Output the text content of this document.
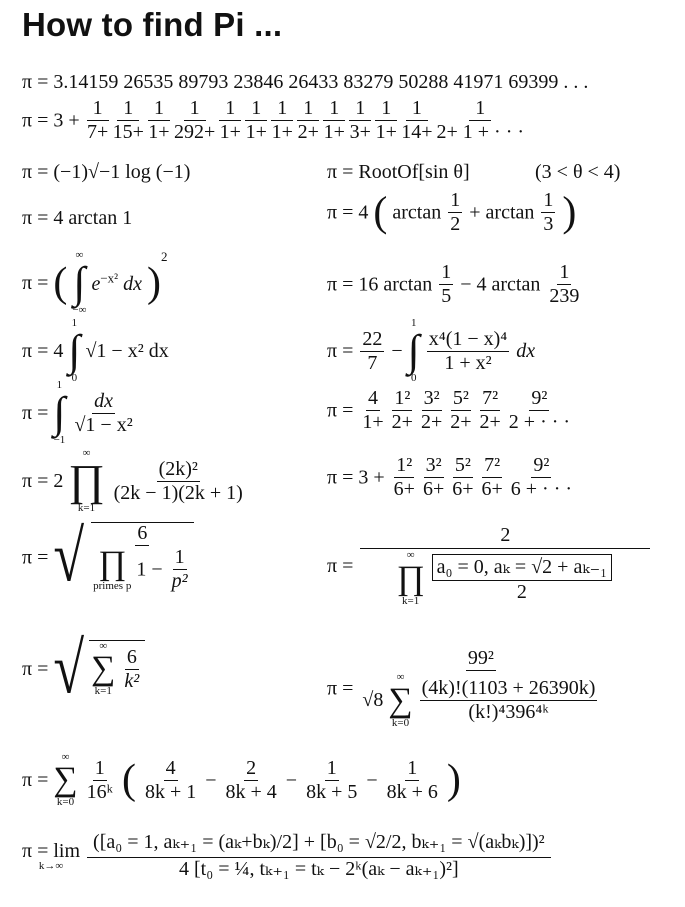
How to find Pi ...
π = 3.14159 26535 89793 23846 26433 83279 50288 41971 69399 . . .
$\pi = 3 + \frac{1}{7+} \frac{1}{15+} \frac{1}{1+} \frac{1}{292+} \frac{1}{1+} \frac{1}{1+} \frac{1}{1+} \frac{1}{2+} \frac{1}{1+} \frac{1}{3+} \frac{1}{1+} \frac{1}{14+} \frac{1}{2+ 1 + \cdot \cdot \cdot}$
π = (−1)√−1 log (−1)	π = RootOf[sin θ]	(3 < θ < 4)
π = 4 arctan 1	π = 4 ( $\arctan \frac{1}{2} + \arctan \frac{1}{3}$ )
π = (
∞
∫
−∞
$e^{-x^2}$ dx )$^2$
π = 16 $\arctan \frac{1}{5} - 4$ $\arctan \frac{1}{239}$
π = 4
1
∫
0
√1 − x² dx	$\pi = \frac{22}{7}$ −
1
∫
0

$\frac{\text{x⁴(1 − x)⁴}}{\text{1 + x²}}$ dx
π =
1
∫
−1

$\frac{dx}{\text{√1 − x²}}$	$\pi = \frac{4}{1+} \frac{\text{1²}}{2+} \frac{\text{3²}}{2+} \frac{\text{5²}}{2+} \frac{\text{7²}}{2+} \frac{\text{9²}}{2 + \cdot \cdot \cdot}$
π = 2
∞
∏
k=1

$\frac{\text{(2k)²}}{(2k - 1)(2k + 1)}$	$\pi = 3 + \frac{\text{1²}}{6+} \frac{\text{3²}}{6+} \frac{\text{5²}}{6+} \frac{\text{7²}}{6+} \frac{\text{9²}}{6 + \cdot \cdot \cdot}$
π = √ 6
∏
primes p
$1 - \frac{1}{\text{p²}}$	π = 2
∞
∏
k=1
$\frac{\text{a₀ = 0, aₖ = √2 + aₖ₋₁}}{2}$
π = √ ∞
∑
k=1
$\frac{6}{\text{k²}}$	π = 99²
√8
∞
∑
k=0
$\frac{(4k)!(1103 + 26390k)}{\text{(k!)⁴396⁴ᵏ}}$
π =
∞
∑
k=0
$\frac{1}{\text{16ᵏ}}$ ( $\frac{4}{8k + 1} - \frac{2}{8k + 4} - \frac{1}{8k + 5} - \frac{1}{8k + 6}$ )
π = lim
k→∞
$\frac{\text{([a₀ = 1, aₖ₊₁ = (aₖ+bₖ)/2] + [b₀ = √2/2, bₖ₊₁ = √(aₖbₖ)])²}}{\text{4 [t₀ = ¼, tₖ₊₁ = tₖ − 2ᵏ(aₖ − aₖ₊₁)²]}}$
